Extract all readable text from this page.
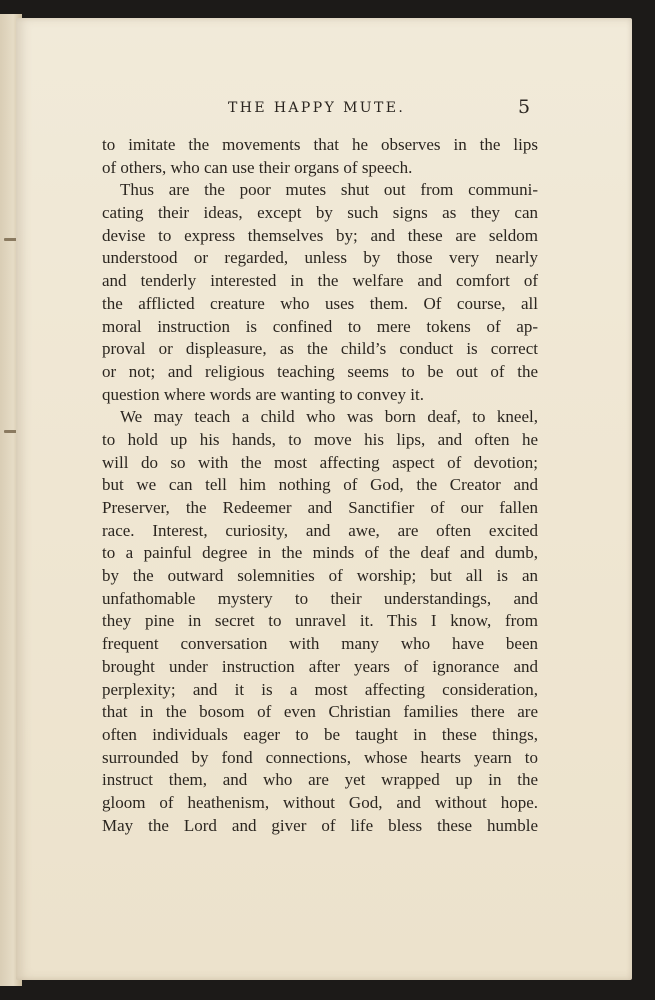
THE HAPPY MUTE.	5
to imitate the movements that he observes in the lips
of others, who can use their organs of speech.
Thus are the poor mutes shut out from communi-
cating their ideas, except by such signs as they can
devise to express themselves by; and these are seldom
understood or regarded, unless by those very nearly
and tenderly interested in the welfare and comfort of
the afflicted creature who uses them. Of course, all
moral instruction is confined to mere tokens of ap-
proval or displeasure, as the child’s conduct is correct
or not; and religious teaching seems to be out of the
question where words are wanting to convey it.
We may teach a child who was born deaf, to kneel,
to hold up his hands, to move his lips, and often he
will do so with the most affecting aspect of devotion;
but we can tell him nothing of God, the Creator and
Preserver, the Redeemer and Sanctifier of our fallen
race. Interest, curiosity, and awe, are often excited
to a painful degree in the minds of the deaf and dumb,
by the outward solemnities of worship; but all is an
unfathomable mystery to their understandings, and
they pine in secret to unravel it. This I know, from
frequent conversation with many who have been
brought under instruction after years of ignorance and
perplexity; and it is a most affecting consideration,
that in the bosom of even Christian families there are
often individuals eager to be taught in these things,
surrounded by fond connections, whose hearts yearn to
instruct them, and who are yet wrapped up in the
gloom of heathenism, without God, and without hope.
May the Lord and giver of life bless these humble
